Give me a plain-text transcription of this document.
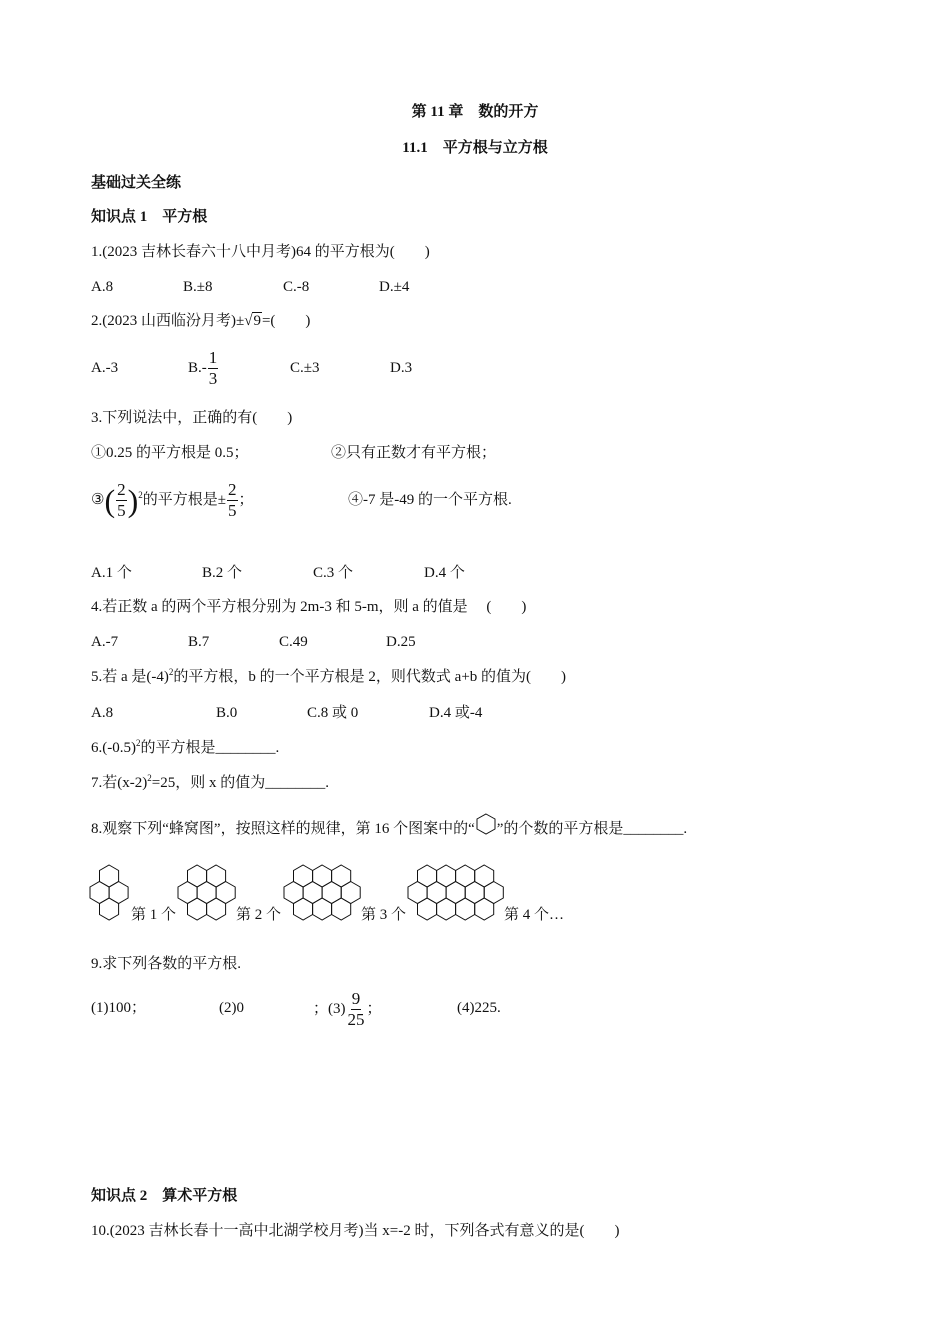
第 11 章　数的开方
11.1　平方根与立方根
基础过关全练
知识点 1　平方根
1.(2023 吉林长春六十八中月考)64 的平方根为(　　)
A.8	B.±8	C.-8	D.±4
2.(2023 山西临汾月考)±√9=(　　)
A.-3	$B.- \frac{1}{3}$	C.±3	D.3
3.下列说法中，正确的有(　　)
①0.25 的平方根是 0.5；	②只有正数才有平方根；
③( $\frac{2}{5} )^2$的平方根是± $\frac{2}{5}$ ；	④-7 是-49 的一个平方根.
A.1 个	B.2 个	C.3 个	D.4 个
4.若正数 a 的两个平方根分别为 2m-3 和 5-m，则 a 的值是　 (　　)
A.-7	B.7	C.49	D.25
5.若 a 是$(-4)^2$的平方根，b 的一个平方根是 2，则代数式 a+b 的值为(　　)
A.8	B.0	C.8 或 0	D.4 或-4
$6.(-0.5)^2$的平方根是________.
7.若$(x-2)^2=25$，则 x 的值为________.
8.观察下列“蜂窝图”，按照这样的规律，第 16 个图案中的“ ”的个数的平方根是________.
第 1 个	第 2 个	第 3 个	第 4 个…
9.求下列各数的平方根.
(1)100；	(2)0	；$(3) \frac{9}{25}$ ；	(4)225.
知识点 2　算术平方根
10.(2023 吉林长春十一高中北湖学校月考)当 x=-2 时，下列各式有意义的是(　　)
